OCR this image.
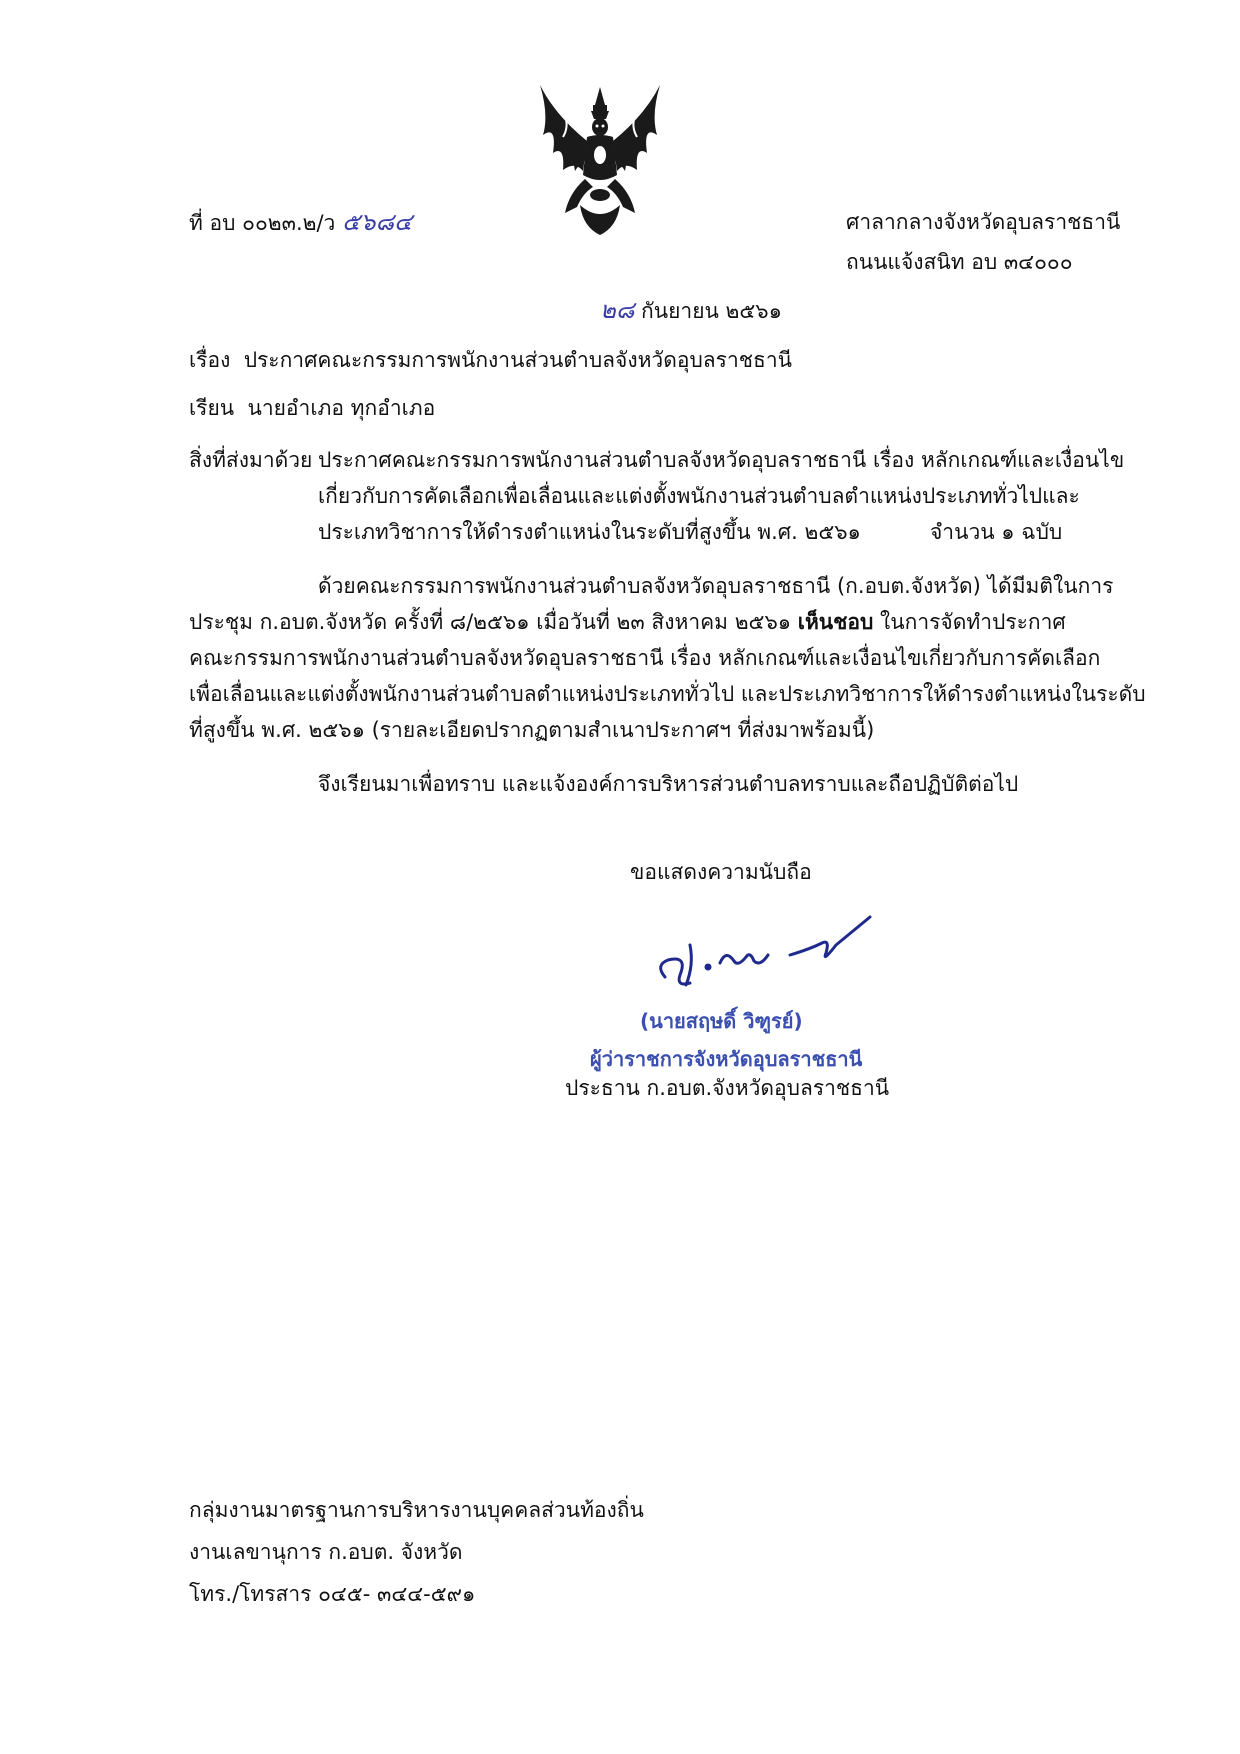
ที่ อบ ๐๐๒๓.๒/ว ๕๖๘๔	ศาลากลางจังหวัดอุบลราชธานี
ถนนแจ้งสนิท อบ ๓๔๐๐๐
๒๘ กันยายน ๒๕๖๑
เรื่อง ประกาศคณะกรรมการพนักงานส่วนตำบลจังหวัดอุบลราชธานี
เรียน นายอำเภอ ทุกอำเภอ
สิ่งที่ส่งมาด้วย ประกาศคณะกรรมการพนักงานส่วนตำบลจังหวัดอุบลราชธานี เรื่อง หลักเกณฑ์และเงื่อนไข
เกี่ยวกับการคัดเลือกเพื่อเลื่อนและแต่งตั้งพนักงานส่วนตำบลตำแหน่งประเภททั่วไปและ
ประเภทวิชาการให้ดำรงตำแหน่งในระดับที่สูงขึ้น พ.ศ. ๒๕๖๑	จำนวน ๑ ฉบับ
ด้วยคณะกรรมการพนักงานส่วนตำบลจังหวัดอุบลราชธานี (ก.อบต.จังหวัด) ได้มีมติในการ
ประชุม ก.อบต.จังหวัด ครั้งที่ ๘/๒๕๖๑ เมื่อวันที่ ๒๓ สิงหาคม ๒๕๖๑ เห็นชอบ ในการจัดทำประกาศ
คณะกรรมการพนักงานส่วนตำบลจังหวัดอุบลราชธานี เรื่อง หลักเกณฑ์และเงื่อนไขเกี่ยวกับการคัดเลือก
เพื่อเลื่อนและแต่งตั้งพนักงานส่วนตำบลตำแหน่งประเภททั่วไป และประเภทวิชาการให้ดำรงตำแหน่งในระดับ
ที่สูงขึ้น พ.ศ. ๒๕๖๑ (รายละเอียดปรากฏตามสำเนาประกาศฯ ที่ส่งมาพร้อมนี้)
จึงเรียนมาเพื่อทราบ และแจ้งองค์การบริหารส่วนตำบลทราบและถือปฏิบัติต่อไป
ขอแสดงความนับถือ
(นายสฤษดิ์ วิฑูรย์)
ผู้ว่าราชการจังหวัดอุบลราชธานี
ประธาน ก.อบต.จังหวัดอุบลราชธานี
กลุ่มงานมาตรฐานการบริหารงานบุคคลส่วนท้องถิ่น
งานเลขานุการ ก.อบต. จังหวัด
โทร./โทรสาร ๐๔๕- ๓๔๔-๕๙๑
